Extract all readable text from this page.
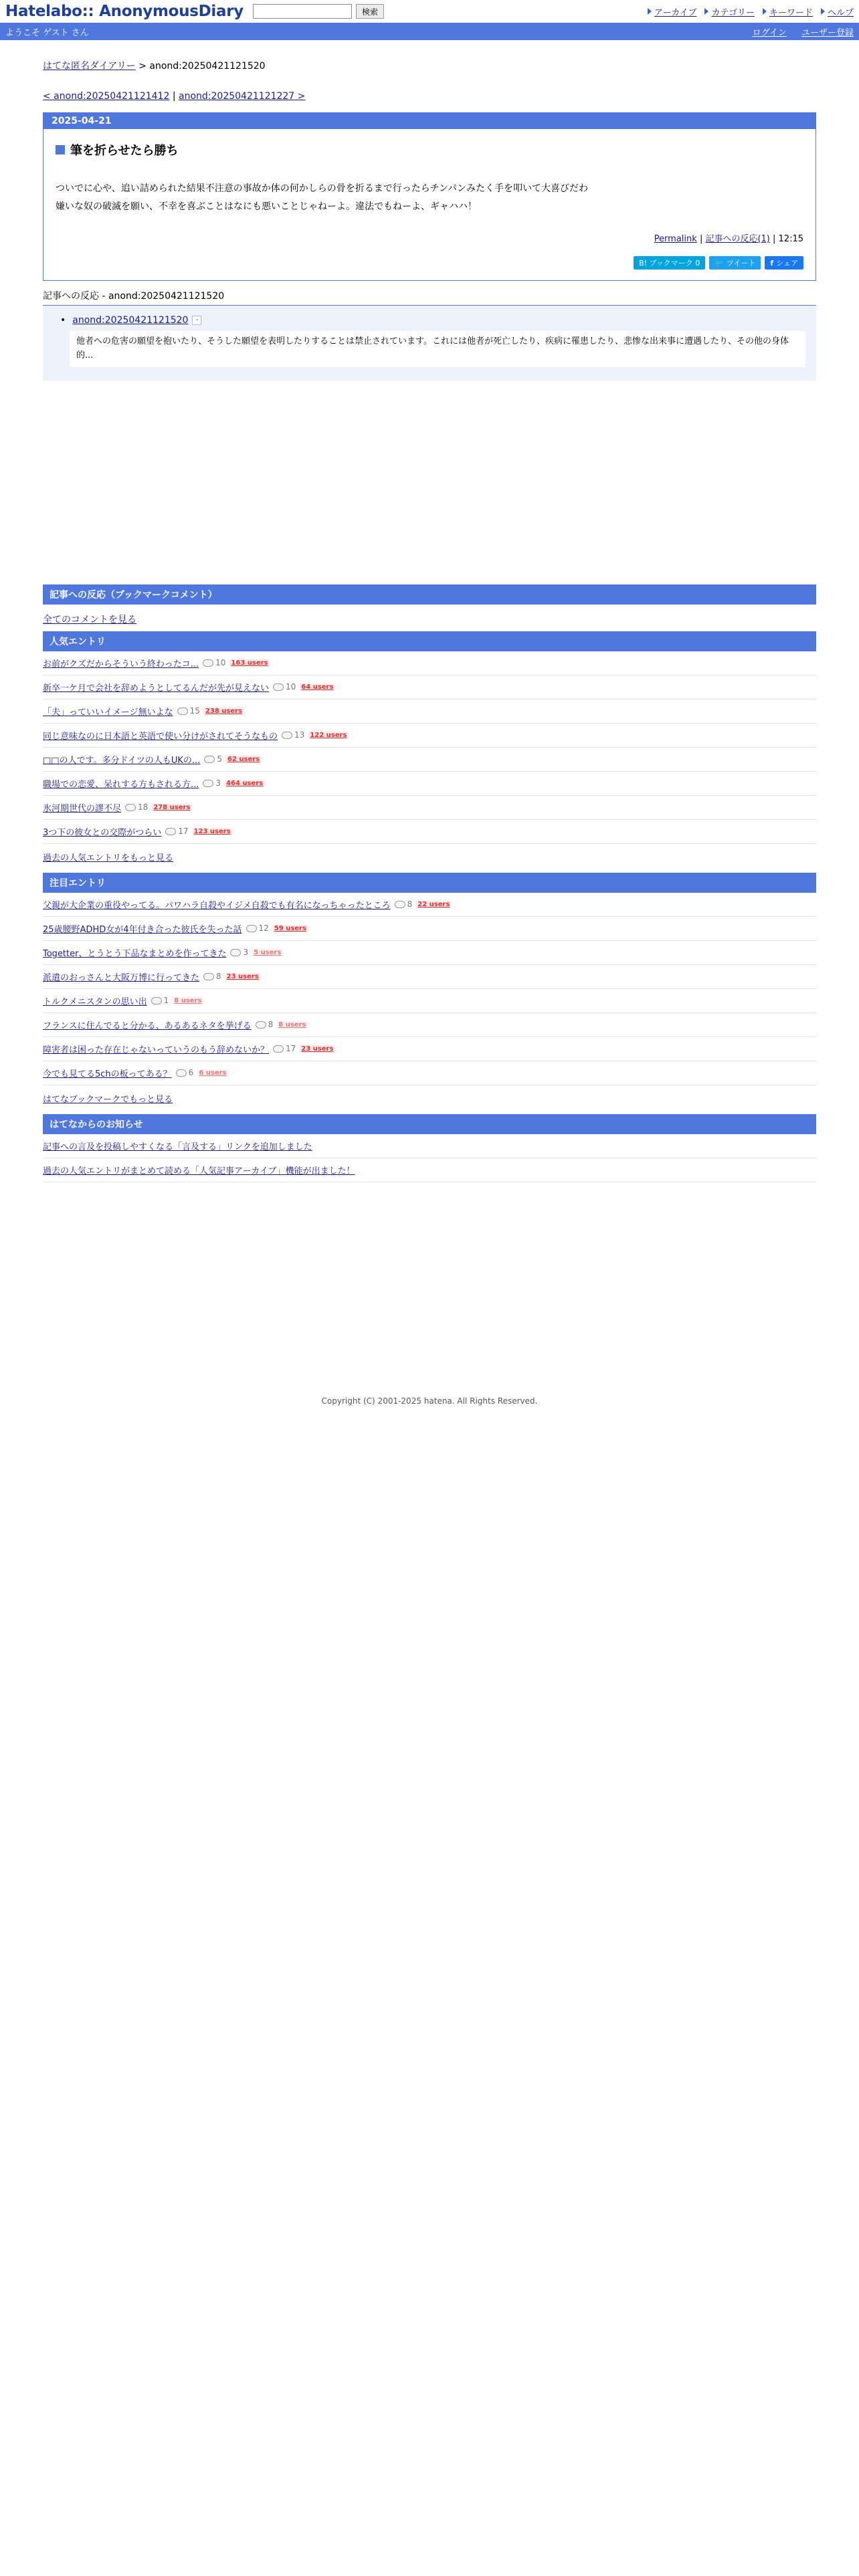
Hatelabo:: AnonymousDiary	検索	アーカイブ カテゴリー キーワード ヘルプ
ようこそ ゲスト さん	ログイン ユーザー登録
はてな匿名ダイアリー > anond:20250421121520
< anond:20250421121412 | anond:20250421121227 >
2025-04-21
筆を折らせたら勝ち

ついでに心や、追い詰められた結果不注意の事故か体の何かしらの骨を折るまで行ったらチンパンみたく手を叩いて大喜びだわ

嫌いな奴の破滅を願い、不幸を喜ぶことはなにも悪いことじゃねーよ。違法でもねーよ、ギャハハ！

Permalink | 記事への反応(1) | 12:15
B! ブックマーク 0	🐦 ツイート f シェア
記事への反応 - anond:20250421121520
• anond:20250421121520	-
他者への危害の願望を抱いたり、そうした願望を表明したりすることは禁止されています。これには他者が死亡したり、疾病に罹患したり、悲惨な出来事に遭遇したり、その他の身体的...
記事への反応（ブックマークコメント）
全てのコメントを見る
人気エントリ
お前がクズだからそういう終わったコ... 10 163 users
新卒一ケ月で会社を辞めようとしてるんだが先が見えない 10 64 users
「夫」っていいイメージ無いよな 15 238 users
同じ意味なのに日本語と英語で使い分けがされてそうなもの 13 122 users
□□の人です。多分ドイツの人もUKの... 5 62 users
職場での恋愛、呆れする方もされる方... 3 464 users
氷河期世代の謬不尽 18 278 users
3つ下の彼女との交際がつらい 17 123 users
過去の人気エントリをもっと見る
注目エントリ
父親が大企業の重役やってる。パワハラ自殺やイジメ自殺でも有名になっちゃったところ 8 22 users
25歳腰野ADHD女が4年付き合った彼氏を失った話 12 59 users
Togetter、とうとう下品なまとめを作ってきた 3 5 users
派遣のおっさんと大阪万博に行ってきた 8 23 users
トルクメニスタンの思い出 1 8 users
フランスに住んでると分かる、あるあるネタを挙げる 8 8 users
障害者は困った存在じゃないっていうのもう辞めないか？ 17 23 users
今でも見てる5chの板ってある？ 6 6 users
はてなブックマークでもっと見る
はてなからのお知らせ
記事への言及を投稿しやすくなる「言及する」リンクを追加しました
過去の人気エントリがまとめて読める「人気記事アーカイブ」機能が出ました！
Copyright (C) 2001-2025 hatena. All Rights Reserved.
